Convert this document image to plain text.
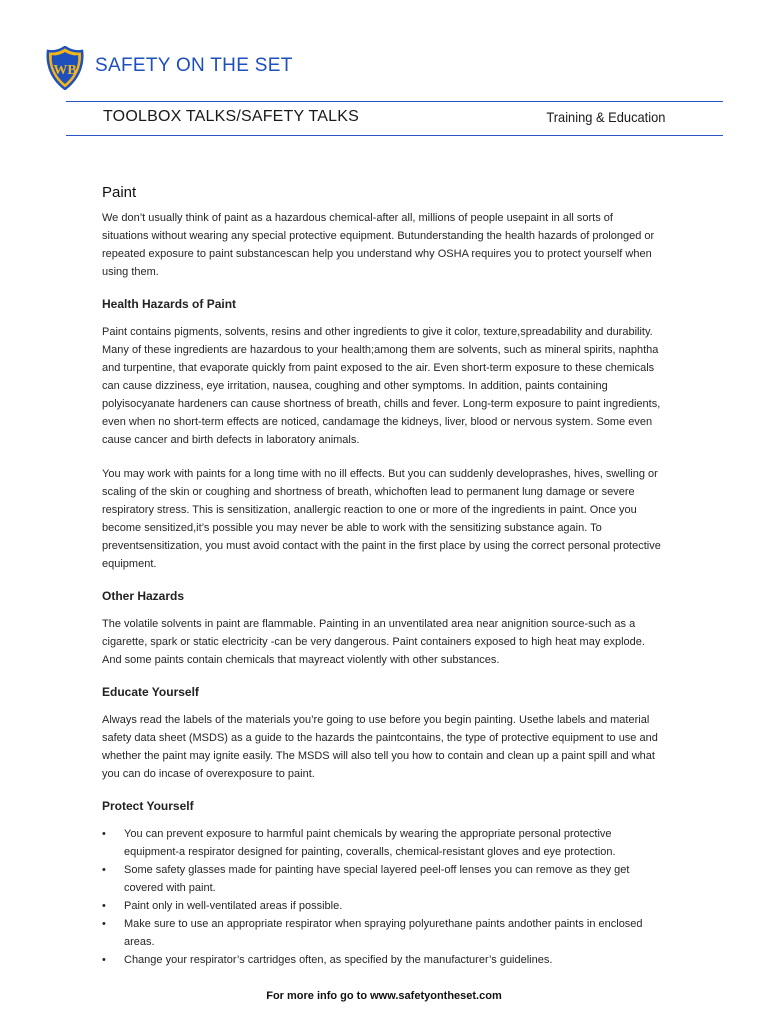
WB SAFETY ON THE SET
TOOLBOX TALKS/SAFETY TALKS	Training & Education
Paint

We don’t usually think of paint as a hazardous chemical-after all, millions of people usepaint in all sorts of situations without wearing any special protective equipment. Butunderstanding the health hazards of prolonged or repeated exposure to paint substancescan help you understand why OSHA requires you to protect yourself when using them.

Health Hazards of Paint

Paint contains pigments, solvents, resins and other ingredients to give it color, texture,spreadability and durability. Many of these ingredients are hazardous to your health;among them are solvents, such as mineral spirits, naphtha and turpentine, that evaporate quickly from paint exposed to the air. Even short-term exposure to these chemicals can cause dizziness, eye irritation, nausea, coughing and other symptoms. In addition, paints containing polyisocyanate hardeners can cause shortness of breath, chills and fever. Long-term exposure to paint ingredients, even when no short-term effects are noticed, candamage the kidneys, liver, blood or nervous system. Some even cause cancer and birth defects in laboratory animals.

You may work with paints for a long time with no ill effects. But you can suddenly developrashes, hives, swelling or scaling of the skin or coughing and shortness of breath, whichoften lead to permanent lung damage or severe respiratory stress. This is sensitization, anallergic reaction to one or more of the ingredients in paint. Once you become sensitized,it’s possible you may never be able to work with the sensitizing substance again. To preventsensitization, you must avoid contact with the paint in the first place by using the correct personal protective equipment.

Other Hazards

The volatile solvents in paint are flammable. Painting in an unventilated area near anignition source-such as a cigarette, spark or static electricity -can be very dangerous. Paint containers exposed to high heat may explode. And some paints contain chemicals that mayreact violently with other substances.

Educate Yourself

Always read the labels of the materials you’re going to use before you begin painting. Usethe labels and material safety data sheet (MSDS) as a guide to the hazards the paintcontains, the type of protective equipment to use and whether the paint may ignite easily. The MSDS will also tell you how to contain and clean up a paint spill and what you can do incase of overexposure to paint.

Protect Yourself
• You can prevent exposure to harmful paint chemicals by wearing the appropriate personal protective equipment-a respirator designed for painting, coveralls, chemical-resistant gloves and eye protection.
• Some safety glasses made for painting have special layered peel-off lenses you can remove as they get covered with paint.
• Paint only in well-ventilated areas if possible.
• Make sure to use an appropriate respirator when spraying polyurethane paints andother paints in enclosed areas.
• Change your respirator’s cartridges often, as specified by the manufacturer’s guidelines.
For more info go to www.safetyontheset.com
